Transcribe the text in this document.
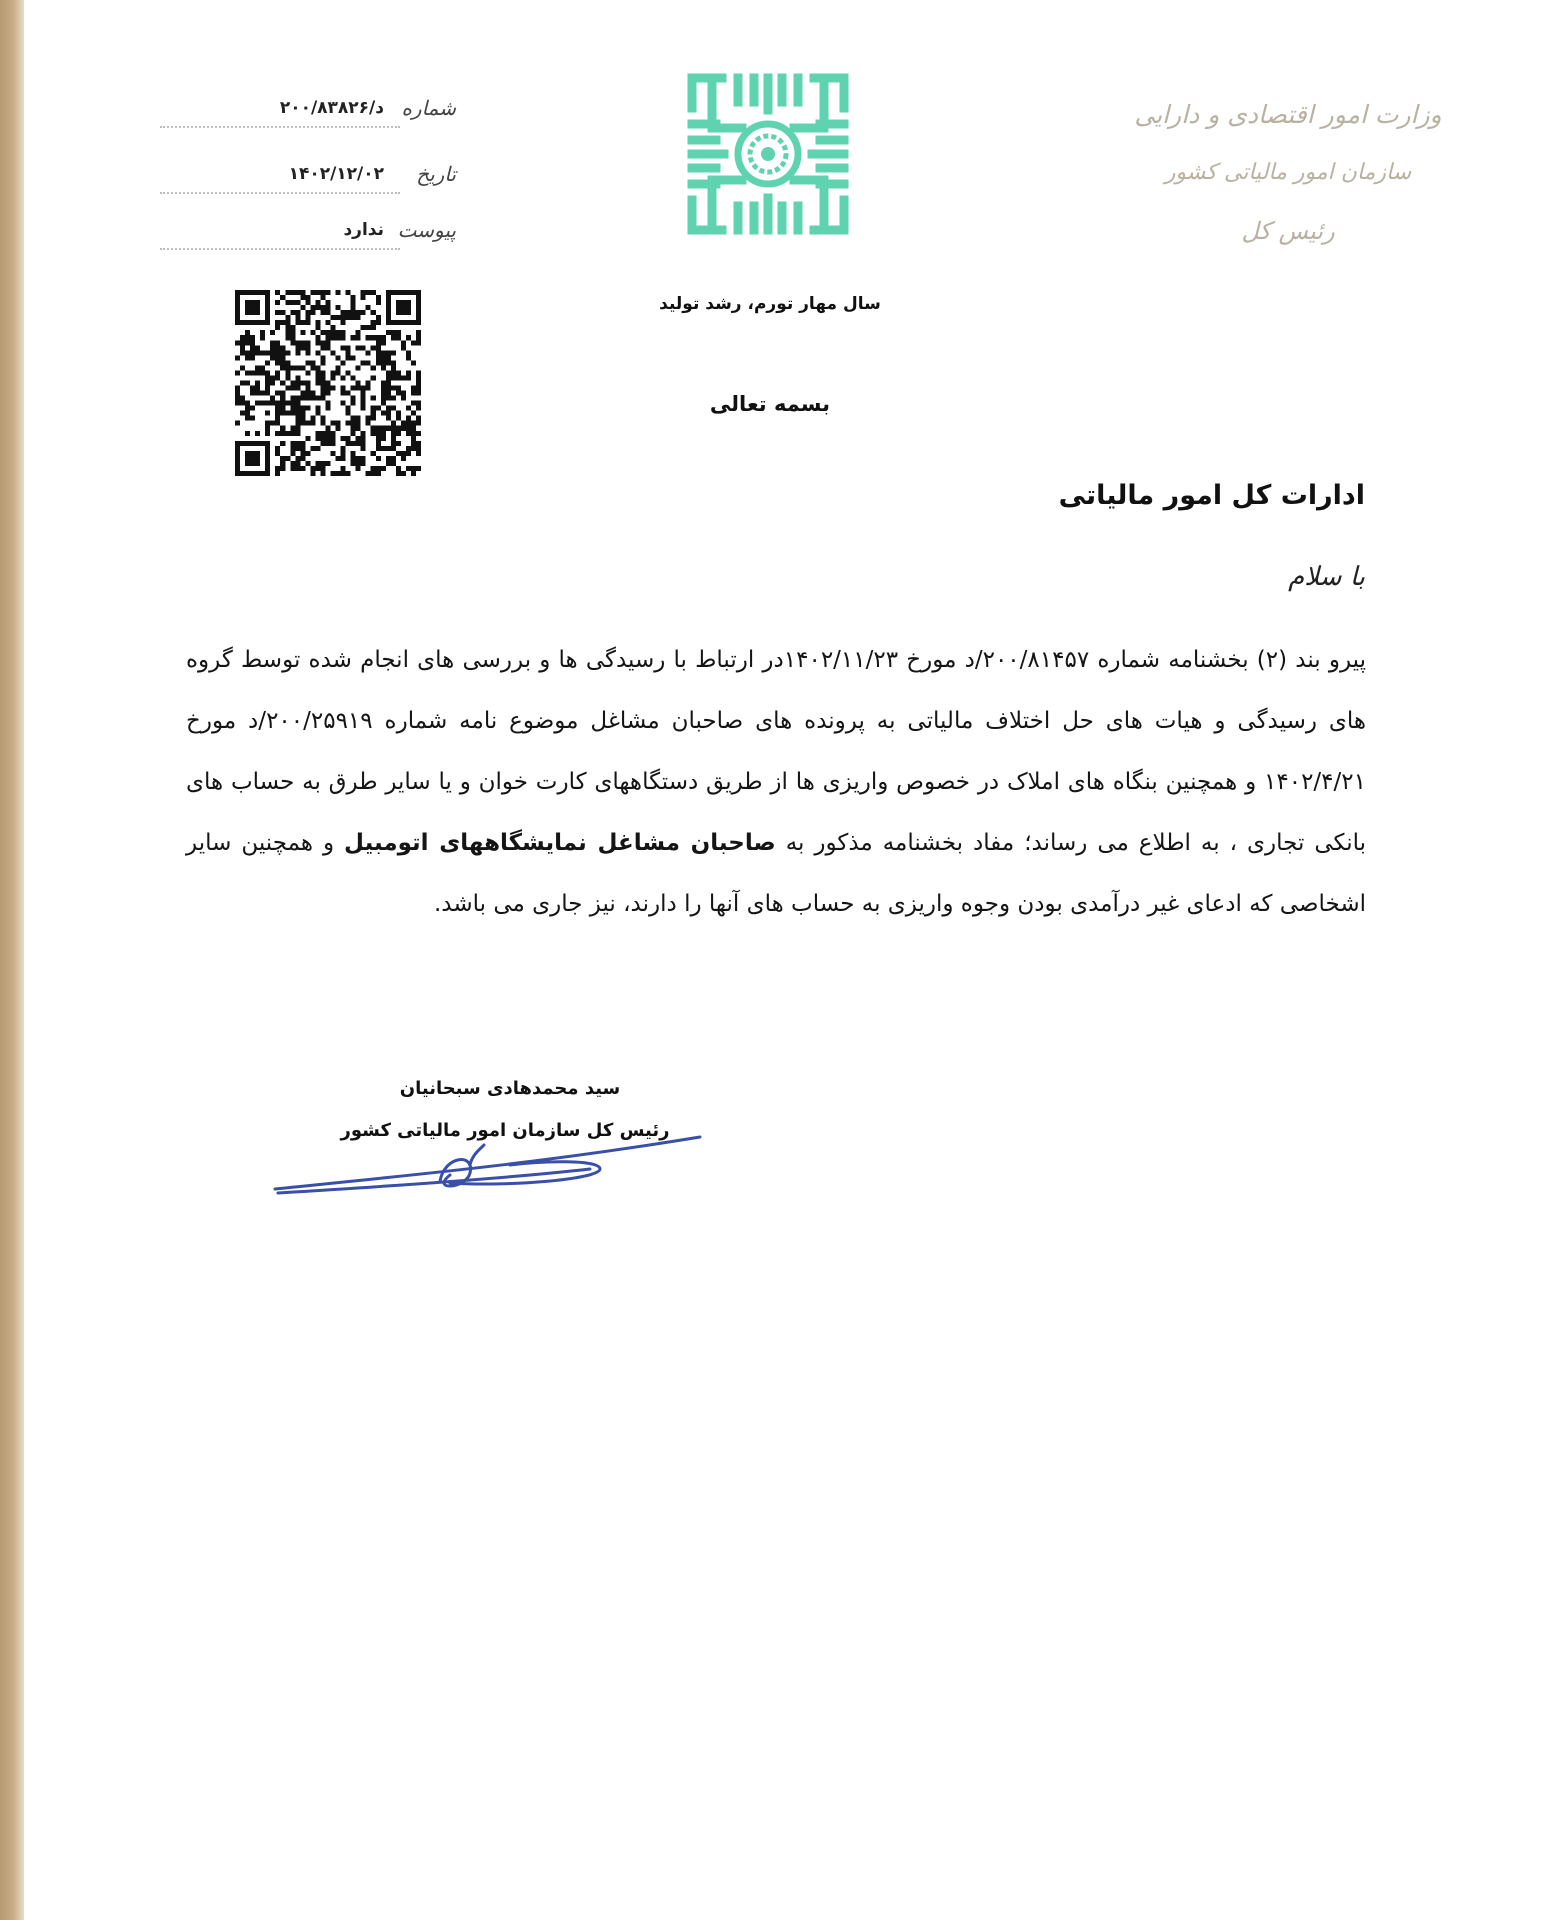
وزارت امور اقتصادی و دارایی
سازمان امور مالیاتی کشور
رئیس کل
سال مهار تورم، رشد تولید
بسمه تعالی
شماره
۲۰۰/۸۳۸۲۶/د
تاریخ
۱۴۰۲/۱۲/۰۲
پیوست
ندارد
ادارات کل امور مالیاتی
با سلام
پیرو بند (۲) بخشنامه شماره ۲۰۰/۸۱۴۵۷/د مورخ ۱۴۰۲/۱۱/۲۳در ارتباط با رسیدگی ها و بررسی های انجام شده توسط گروه های رسیدگی و هیات های حل اختلاف مالیاتی به پرونده های صاحبان مشاغل موضوع نامه شماره ۲۰۰/۲۵۹۱۹/د مورخ ۱۴۰۲/۴/۲۱ و همچنین بنگاه های املاک در خصوص واریزی ها از طریق دستگاههای کارت خوان و یا سایر طرق به حساب های بانکی تجاری ، به اطلاع می رساند؛ مفاد بخشنامه مذکور به صاحبان مشاغل نمایشگاههای اتومبیل و همچنین سایر اشخاصی که ادعای غیر درآمدی بودن وجوه واریزی به حساب های آنها را دارند، نیز جاری می باشد.
سید محمدهادی سبحانیان
رئیس کل سازمان امور مالیاتی کشور
